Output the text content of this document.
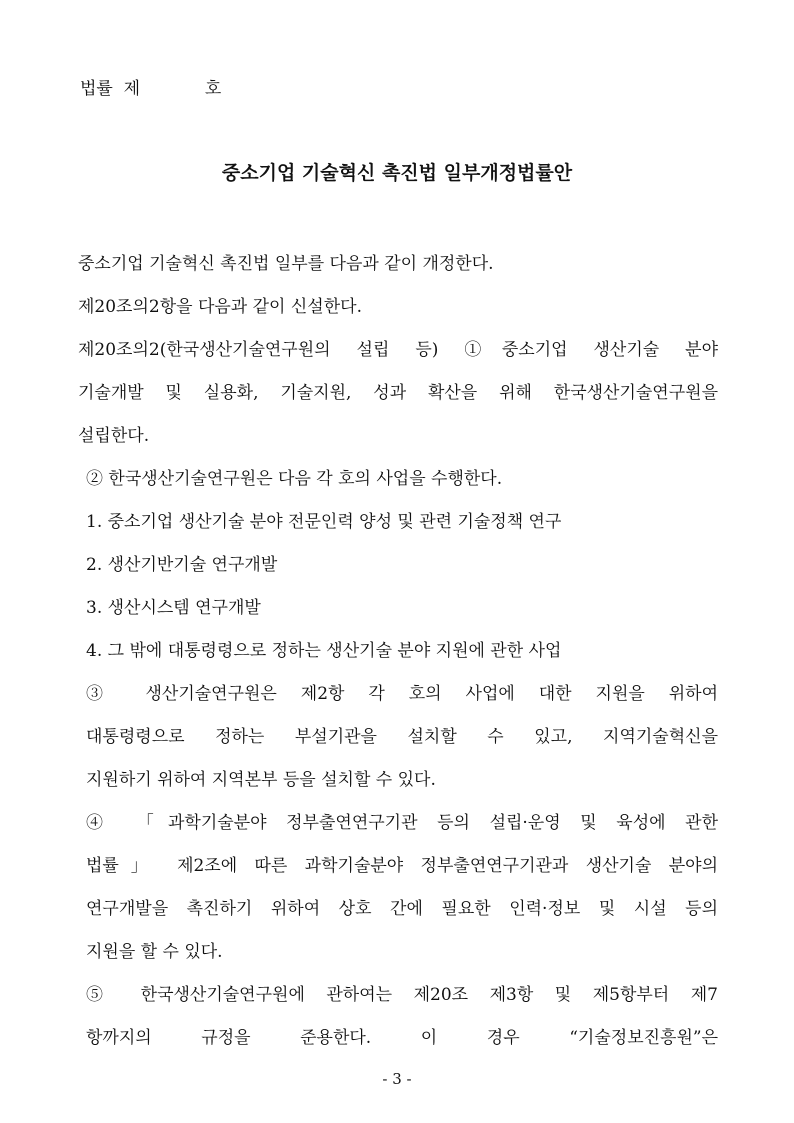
법률  제            호
중소기업 기술혁신 촉진법 일부개정법률안
중소기업 기술혁신 촉진법 일부를 다음과 같이 개정한다.
제20조의2항을 다음과 같이 신설한다.
제20조의2(한국생산기술연구원의 설립 등) ①중소기업 생산기술 분야
기술개발 및 실용화, 기술지원, 성과 확산을 위해 한국생산기술연구원을
설립한다.
② 한국생산기술연구원은 다음 각 호의 사업을 수행한다.
1. 중소기업 생산기술 분야 전문인력 양성 및 관련 기술정책 연구
2. 생산기반기술 연구개발
3. 생산시스템 연구개발
4. 그 밖에 대통령령으로 정하는 생산기술 분야 지원에 관한 사업
③ 생산기술연구원은 제2항 각 호의 사업에 대한 지원을 위하여
대통령령으로 정하는 부설기관을 설치할 수 있고, 지역기술혁신을
지원하기 위하여 지역본부 등을 설치할 수 있다.
④ 「과학기술분야 정부출연연구기관 등의 설립·운영 및 육성에 관한
법률」 제2조에 따른 과학기술분야 정부출연연구기관과 생산기술 분야의
연구개발을 촉진하기 위하여 상호 간에 필요한 인력·정보 및 시설 등의
지원을 할 수 있다.
⑤ 한국생산기술연구원에 관하여는 제20조 제3항 및 제5항부터 제7
항까지의 규정을 준용한다. 이 경우 “기술정보진흥원”은
- 3 -
